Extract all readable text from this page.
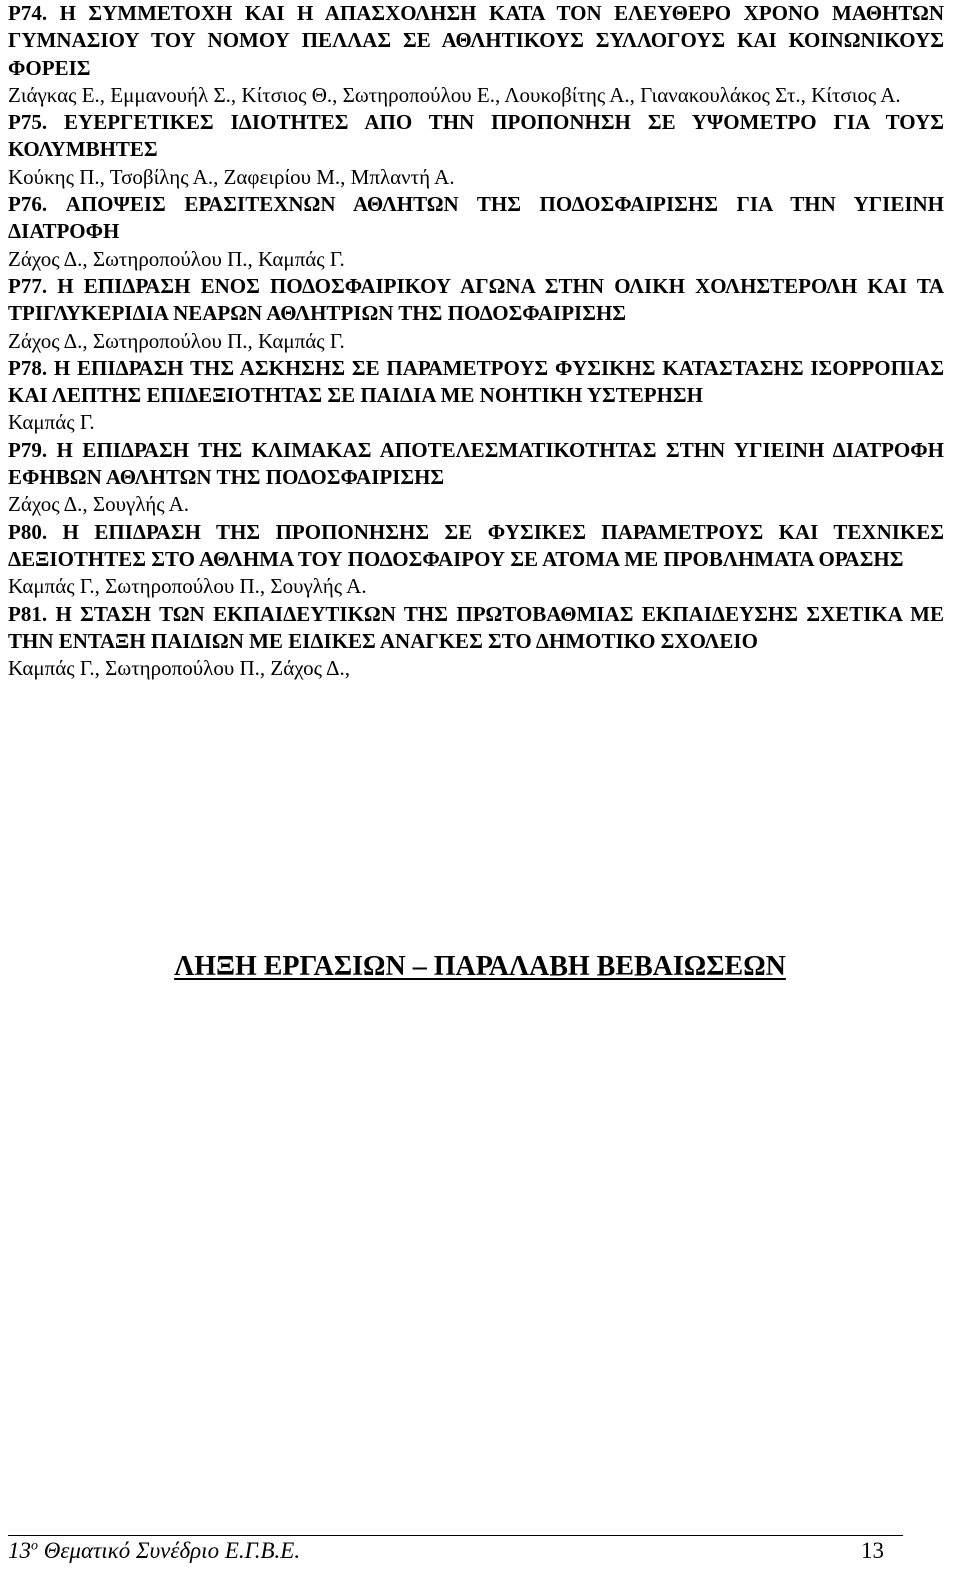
P74. Η ΣΥΜΜΕΤΟΧΗ ΚΑΙ Η ΑΠΑΣΧΟΛΗΣΗ ΚΑΤΑ ΤΟΝ ΕΛΕΥΘΕΡΟ ΧΡΟΝΟ ΜΑΘΗΤΩΝ ΓΥΜΝΑΣΙΟΥ ΤΟΥ ΝΟΜΟΥ ΠΕΛΛΑΣ ΣΕ ΑΘΛΗΤΙΚΟΥΣ ΣΥΛΛΟΓΟΥΣ ΚΑΙ ΚΟΙΝΩΝΙΚΟΥΣ ΦΟΡΕΙΣ

Ζιάγκας Ε., Εμμανουήλ Σ., Κίτσιος Θ., Σωτηροπούλου Ε., Λουκοβίτης Α., Γιανακουλάκος Στ., Κίτσιος Α.

P75. ΕΥΕΡΓΕΤΙΚΕΣ ΙΔΙΟΤΗΤΕΣ ΑΠΟ ΤΗΝ ΠΡΟΠΟΝΗΣΗ ΣΕ ΥΨΟΜΕΤΡΟ ΓΙΑ ΤΟΥΣ ΚΟΛΥΜΒΗΤΕΣ

Κούκης Π., Τσοβίλης Α., Ζαφειρίου Μ., Μπλαντή Α.

P76. ΑΠΟΨΕΙΣ ΕΡΑΣΙΤΕΧΝΩΝ ΑΘΛΗΤΩΝ ΤΗΣ ΠΟΔΟΣΦΑΙΡΙΣΗΣ ΓΙΑ ΤΗΝ ΥΓΙΕΙΝΗ ΔΙΑΤΡΟΦΗ

Ζάχος Δ., Σωτηροπούλου Π., Καμπάς Γ.

P77. Η ΕΠΙΔΡΑΣΗ ΕΝΟΣ ΠΟΔΟΣΦΑΙΡΙΚΟΥ ΑΓΩΝΑ ΣΤΗΝ ΟΛΙΚΗ ΧΟΛΗΣΤΕΡΟΛΗ ΚΑΙ ΤΑ ΤΡΙΓΛΥΚΕΡΙΔΙΑ ΝΕΑΡΩΝ ΑΘΛΗΤΡΙΩΝ ΤΗΣ ΠΟΔΟΣΦΑΙΡΙΣΗΣ

Ζάχος Δ., Σωτηροπούλου Π., Καμπάς Γ.

P78. Η ΕΠΙΔΡΑΣΗ ΤΗΣ ΑΣΚΗΣΗΣ ΣΕ ΠΑΡΑΜΕΤΡΟΥΣ ΦΥΣΙΚΗΣ ΚΑΤΑΣΤΑΣΗΣ ΙΣΟΡΡΟΠΙΑΣ ΚΑΙ ΛΕΠΤΗΣ ΕΠΙΔΕΞΙΟΤΗΤΑΣ ΣΕ ΠΑΙΔΙΑ ΜΕ ΝΟΗΤΙΚΗ ΥΣΤΕΡΗΣΗ

Καμπάς Γ.

P79. Η ΕΠΙΔΡΑΣΗ ΤΗΣ ΚΛΙΜΑΚΑΣ ΑΠΟΤΕΛΕΣΜΑΤΙΚΟΤΗΤΑΣ ΣΤΗΝ ΥΓΙΕΙΝΗ ΔΙΑΤΡΟΦΗ ΕΦΗΒΩΝ ΑΘΛΗΤΩΝ ΤΗΣ ΠΟΔΟΣΦΑΙΡΙΣΗΣ

Ζάχος Δ., Σουγλής Α.

P80. Η ΕΠΙΔΡΑΣΗ ΤΗΣ ΠΡΟΠΟΝΗΣΗΣ ΣΕ ΦΥΣΙΚΕΣ ΠΑΡΑΜΕΤΡΟΥΣ ΚΑΙ ΤΕΧΝΙΚΕΣ ΔΕΞΙΟΤΗΤΕΣ ΣΤΟ ΑΘΛΗΜΑ ΤΟΥ ΠΟΔΟΣΦΑΙΡΟΥ ΣΕ ΑΤΟΜΑ ΜΕ ΠΡΟΒΛΗΜΑΤΑ ΟΡΑΣΗΣ

Καμπάς Γ., Σωτηροπούλου Π., Σουγλής Α.

P81. Η ΣΤΑΣΗ ΤΩΝ ΕΚΠΑΙΔΕΥΤΙΚΩΝ ΤΗΣ ΠΡΩΤΟΒΑΘΜΙΑΣ ΕΚΠΑΙΔΕΥΣΗΣ ΣΧΕΤΙΚΑ ΜΕ ΤΗΝ ΕΝΤΑΞΗ ΠΑΙΔΙΩΝ ΜΕ ΕΙΔΙΚΕΣ ΑΝΑΓΚΕΣ ΣΤΟ ΔΗΜΟΤΙΚΟ ΣΧΟΛΕΙΟ

Καμπάς Γ., Σωτηροπούλου Π., Ζάχος Δ.,

ΛΗΞΗ ΕΡΓΑΣΙΩΝ – ΠΑΡΑΛΑΒΗ ΒΕΒΑΙΩΣΕΩΝ
$13^o$ Θεματικό Συνέδριο Ε.Γ.Β.Ε.	13
